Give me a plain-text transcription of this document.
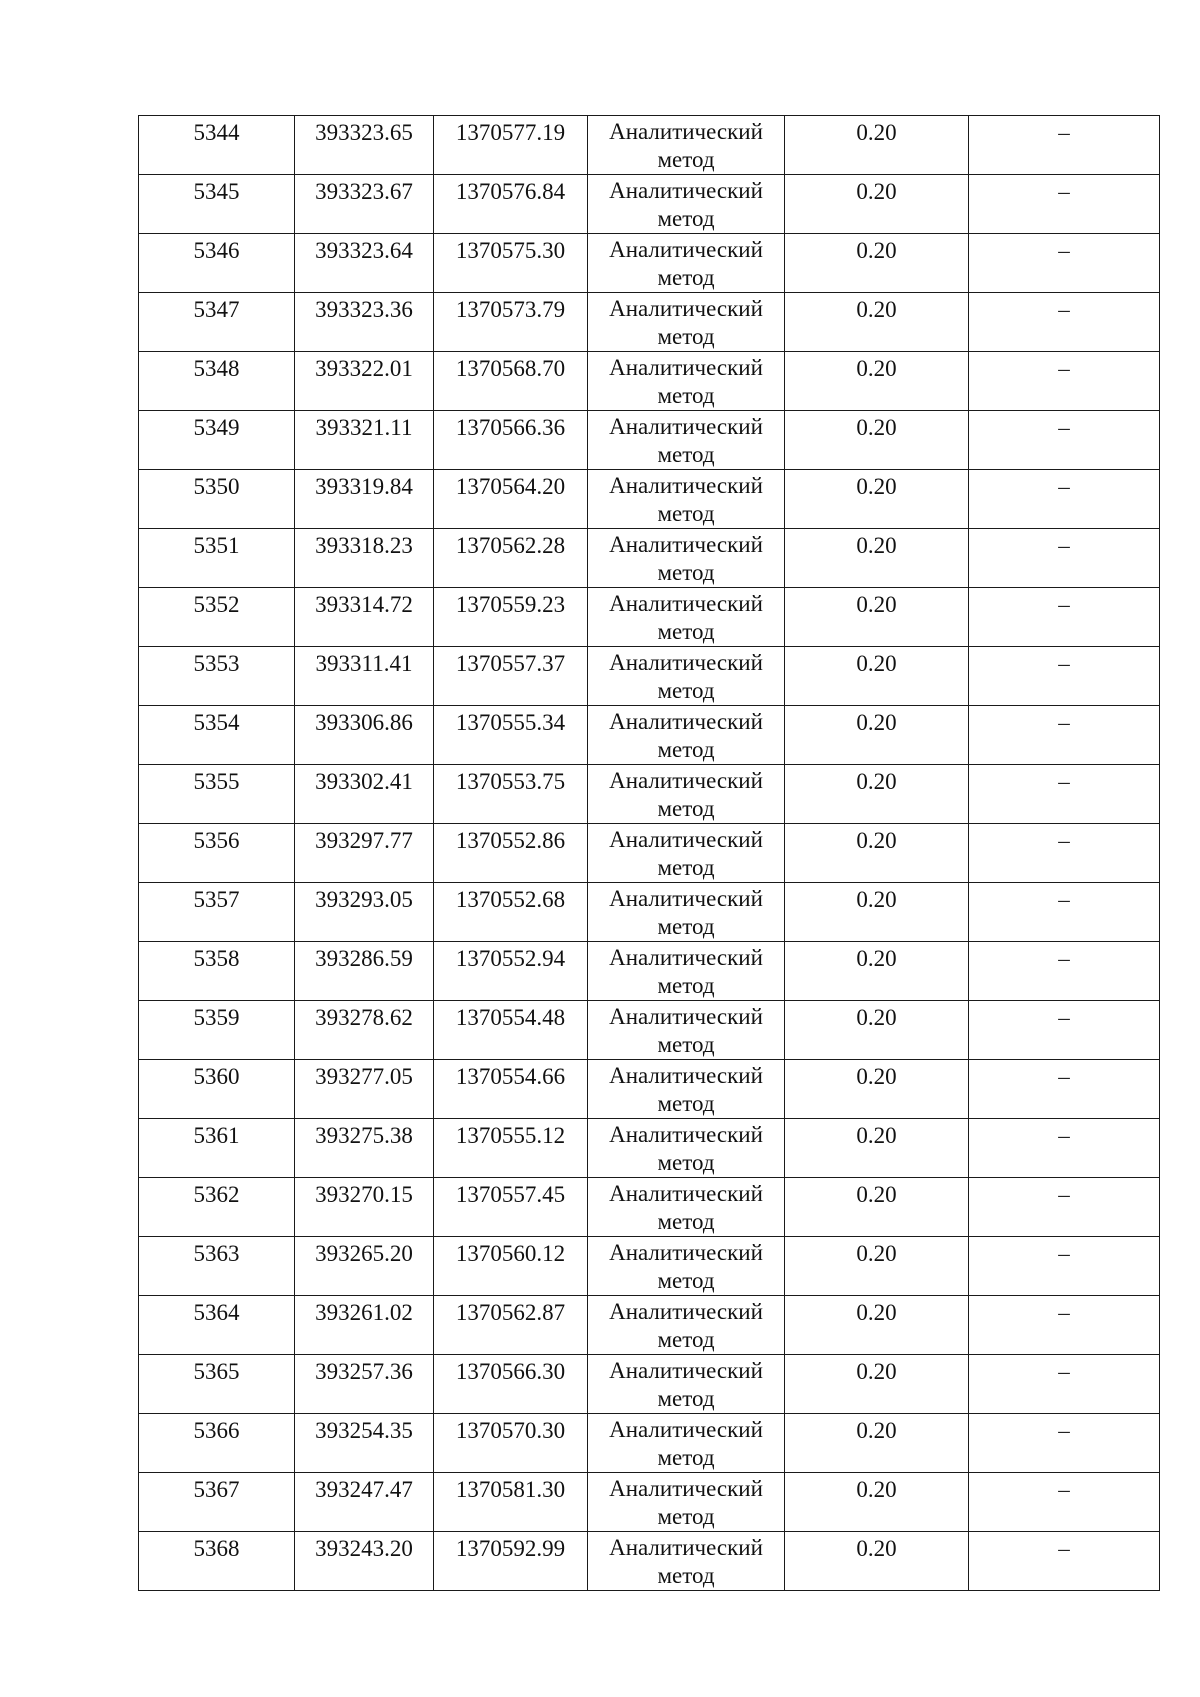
5344	393323.65	1370577.19	Аналитический метод	0.20	–

5345	393323.67	1370576.84	Аналитический метод	0.20	–

5346	393323.64	1370575.30	Аналитический метод	0.20	–

5347	393323.36	1370573.79	Аналитический метод	0.20	–

5348	393322.01	1370568.70	Аналитический метод	0.20	–

5349	393321.11	1370566.36	Аналитический метод	0.20	–

5350	393319.84	1370564.20	Аналитический метод	0.20	–

5351	393318.23	1370562.28	Аналитический метод	0.20	–

5352	393314.72	1370559.23	Аналитический метод	0.20	–

5353	393311.41	1370557.37	Аналитический метод	0.20	–

5354	393306.86	1370555.34	Аналитический метод	0.20	–

5355	393302.41	1370553.75	Аналитический метод	0.20	–

5356	393297.77	1370552.86	Аналитический метод	0.20	–

5357	393293.05	1370552.68	Аналитический метод	0.20	–

5358	393286.59	1370552.94	Аналитический метод	0.20	–

5359	393278.62	1370554.48	Аналитический метод	0.20	–

5360	393277.05	1370554.66	Аналитический метод	0.20	–

5361	393275.38	1370555.12	Аналитический метод	0.20	–

5362	393270.15	1370557.45	Аналитический метод	0.20	–

5363	393265.20	1370560.12	Аналитический метод	0.20	–

5364	393261.02	1370562.87	Аналитический метод	0.20	–

5365	393257.36	1370566.30	Аналитический метод	0.20	–

5366	393254.35	1370570.30	Аналитический метод	0.20	–

5367	393247.47	1370581.30	Аналитический метод	0.20	–

5368	393243.20	1370592.99	Аналитический метод	0.20	–
